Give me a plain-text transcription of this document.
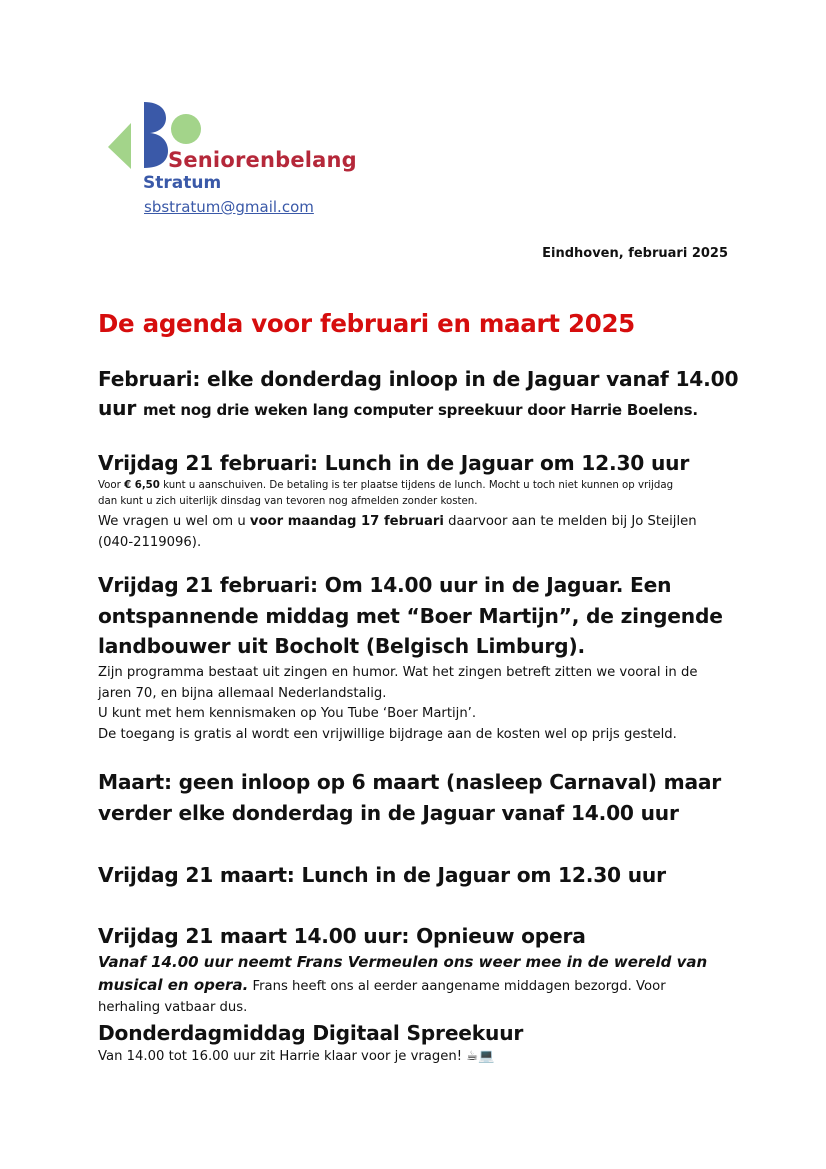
Seniorenbelang
Stratum
sbstratum@gmail.com
Eindhoven, februari 2025
De agenda voor februari en maart 2025
Februari: elke donderdag inloop in de Jaguar vanaf 14.00
uur met nog drie weken lang computer spreekuur door Harrie Boelens.
Vrijdag 21 februari: Lunch in de Jaguar om 12.30 uur
Voor € 6,50 kunt u aanschuiven. De betaling is ter plaatse tijdens de lunch. Mocht u toch niet kunnen op vrijdag
dan kunt u zich uiterlijk dinsdag van tevoren nog afmelden zonder kosten.
We vragen u wel om u voor maandag 17 februari daarvoor aan te melden bij Jo Steijlen
(040-2119096).
Vrijdag 21 februari: Om 14.00 uur in de Jaguar. Een
ontspannende middag met “Boer Martijn”, de zingende
landbouwer uit Bocholt (Belgisch Limburg).
Zijn programma bestaat uit zingen en humor. Wat het zingen betreft zitten we vooral in de
jaren 70, en bijna allemaal Nederlandstalig.
U kunt met hem kennismaken op You Tube ‘Boer Martijn’.
De toegang is gratis al wordt een vrijwillige bijdrage aan de kosten wel op prijs gesteld.
Maart: geen inloop op 6 maart (nasleep Carnaval) maar
verder elke donderdag in de Jaguar vanaf 14.00 uur
Vrijdag 21 maart: Lunch in de Jaguar om 12.30 uur
Vrijdag 21 maart 14.00 uur: Opnieuw opera
Vanaf 14.00 uur neemt Frans Vermeulen ons weer mee in de wereld van
musical en opera. Frans heeft ons al eerder aangename middagen bezorgd. Voor
herhaling vatbaar dus.
Donderdagmiddag Digitaal Spreekuur
Van 14.00 tot 16.00 uur zit Harrie klaar voor je vragen! ☕💻
